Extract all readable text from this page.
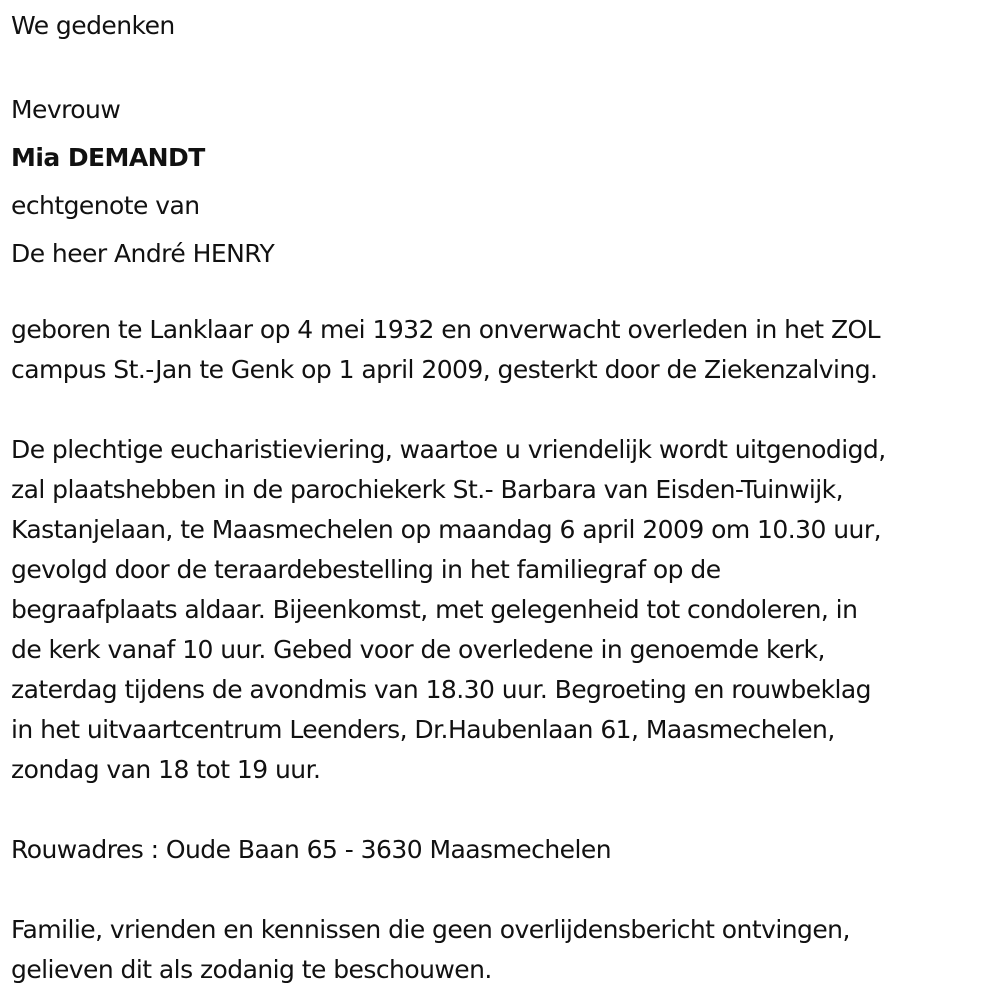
We gedenken
Mevrouw
Mia DEMANDT
echtgenote van
De heer André HENRY
geboren te Lanklaar op 4 mei 1932 en onverwacht overleden in het ZOL
campus St.-Jan te Genk op 1 april 2009, gesterkt door de Ziekenzalving.
De plechtige eucharistieviering, waartoe u vriendelijk wordt uitgenodigd,
zal plaatshebben in de parochiekerk St.- Barbara van Eisden-Tuinwijk,
Kastanjelaan, te Maasmechelen op maandag 6 april 2009 om 10.30 uur,
gevolgd door de teraardebestelling in het familiegraf op de
begraafplaats aldaar. Bijeenkomst, met gelegenheid tot condoleren, in
de kerk vanaf 10 uur. Gebed voor de overledene in genoemde kerk,
zaterdag tijdens de avondmis van 18.30 uur. Begroeting en rouwbeklag
in het uitvaartcentrum Leenders, Dr.Haubenlaan 61, Maasmechelen,
zondag van 18 tot 19 uur.
Rouwadres : Oude Baan 65 - 3630 Maasmechelen
Familie, vrienden en kennissen die geen overlijdensbericht ontvingen,
gelieven dit als zodanig te beschouwen.
